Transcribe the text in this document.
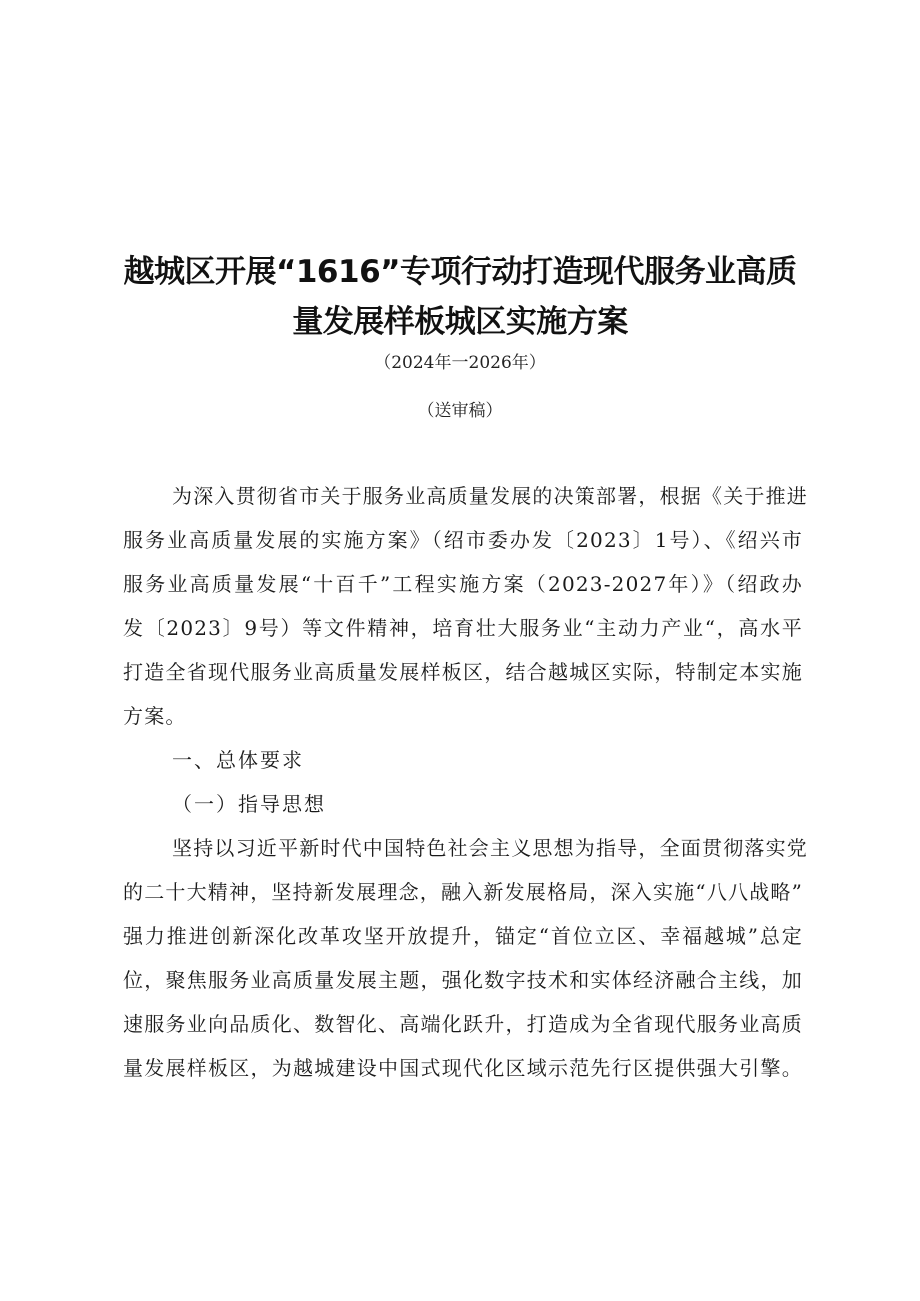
越城区开展“1616”专项行动打造现代服务业高质
量发展样板城区实施方案
（2024年一2026年）
（送审稿）
为深入贯彻省市关于服务业高质量发展的决策部署，根据《关于推进
服务业高质量发展的实施方案》（绍市委办发〔2023〕1号）、《绍兴市
服务业高质量发展“十百千”工程实施方案（2023-2027年）》（绍政办
发〔2023〕9号）等文件精神，培育壮大服务业“主动力产业“，高水平
打造全省现代服务业高质量发展样板区，结合越城区实际，特制定本实施
方案。
一、总体要求
（一）指导思想
坚持以习近平新时代中国特色社会主义思想为指导，全面贯彻落实党
的二十大精神，坚持新发展理念，融入新发展格局，深入实施“八八战略”
强力推进创新深化改革攻坚开放提升，锚定“首位立区、幸福越城”总定
位，聚焦服务业高质量发展主题，强化数字技术和实体经济融合主线，加
速服务业向品质化、数智化、高端化跃升，打造成为全省现代服务业高质
量发展样板区，为越城建设中国式现代化区域示范先行区提供强大引擎。
